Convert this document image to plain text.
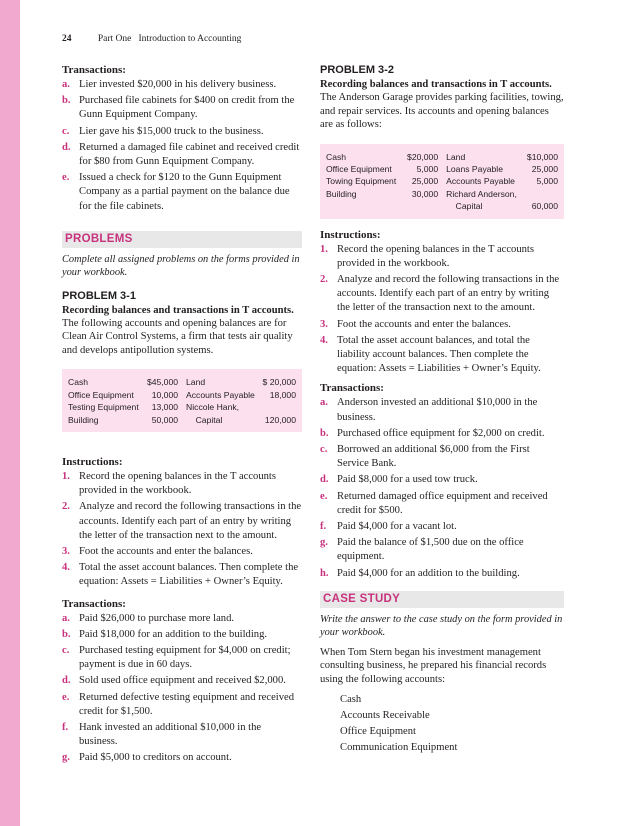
24	Part One Introduction to Accounting
Transactions:
a. Lier invested $20,000 in his delivery business.
b. Purchased file cabinets for $400 on credit from the Gunn Equipment Company.
c. Lier gave his $15,000 truck to the business.
d. Returned a damaged file cabinet and received credit for $80 from Gunn Equipment Company.
e. Issued a check for $120 to the Gunn Equipment Company as a partial payment on the balance due for the file cabinets.
PROBLEMS
Complete all assigned problems on the forms provided in your workbook.
PROBLEM 3-1
Recording balances and transactions in T accounts.
The following accounts and opening balances are for Clean Air Control Systems, a firm that tests air quality and develops antipollution systems.
Cash	$45,000	Land	$ 20,000
Office Equipment	10,000	Accounts Payable	18,000
Testing Equipment	13,000	Niccole Hank,	
Building	50,000	Capital	120,000
Instructions:
1. Record the opening balances in the T accounts provided in the workbook.
2. Analyze and record the following transactions in the accounts. Identify each part of an entry by writing the letter of the transaction next to the amount.
3. Foot the accounts and enter the balances.
4. Total the asset account balances. Then complete the equation: Assets = Liabilities + Owner’s Equity.
Transactions:
a. Paid $26,000 to purchase more land.
b. Paid $18,000 for an addition to the building.
c. Purchased testing equipment for $4,000 on credit; payment is due in 60 days.
d. Sold used office equipment and received $2,000.
e. Returned defective testing equipment and received credit for $1,500.
f.	Hank invested an additional $10,000 in the business.
g. Paid $5,000 to creditors on account.
PROBLEM 3-2
Recording balances and transactions in T accounts.
The Anderson Garage provides parking facilities, towing, and repair services. Its accounts and opening balances are as follows:
Cash	$20,000	Land	$10,000
Office Equipment	5,000	Loans Payable	25,000
Towing Equipment	25,000	Accounts Payable	5,000
Building	30,000	Richard Anderson,	
		Capital	60,000
Instructions:
1. Record the opening balances in the T accounts provided in the workbook.
2. Analyze and record the following transactions in the accounts. Identify each part of an entry by writing the letter of the transaction next to the amount.
3. Foot the accounts and enter the balances.
4. Total the asset account balances, and total the liability account balances. Then complete the equation: Assets = Liabilities + Owner’s Equity.
Transactions:
a. Anderson invested an additional $10,000 in the business.
b. Purchased office equipment for $2,000 on credit.
c. Borrowed an additional $6,000 from the First Service Bank.
d. Paid $8,000 for a used tow truck.
e. Returned damaged office equipment and received credit for $500.
f.	Paid $4,000 for a vacant lot.
g. Paid the balance of $1,500 due on the office equipment.
h. Paid $4,000 for an addition to the building.
CASE STUDY
Write the answer to the case study on the form provided in your workbook.
When Tom Stern began his investment management consulting business, he prepared his financial records using the following accounts:
Cash
Accounts Receivable
Office Equipment
Communication Equipment
